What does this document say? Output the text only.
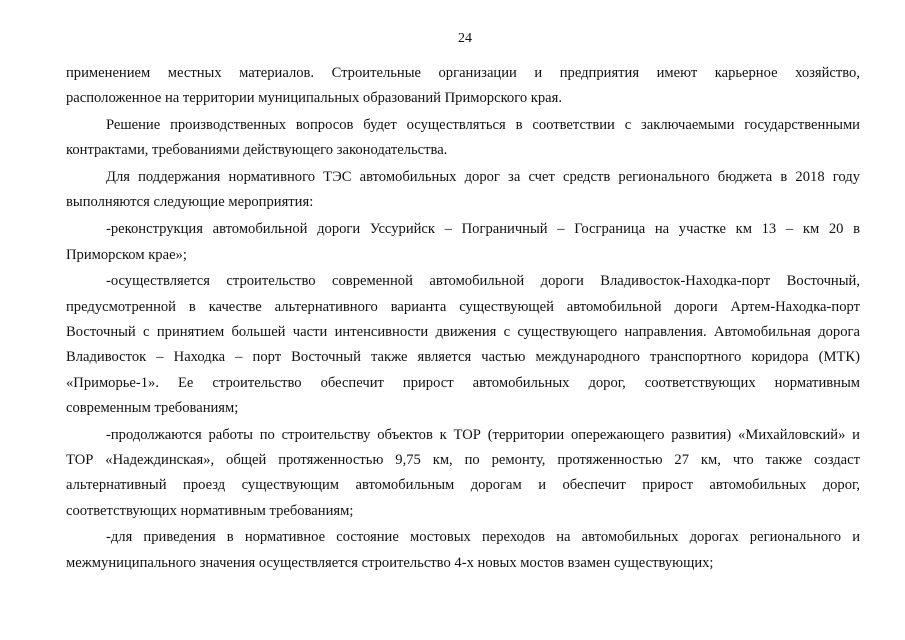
24
применением местных материалов. Строительные организации и предприятия имеют карьерное хозяйство,
расположенное на территории муниципальных образований Приморского края.
Решение производственных вопросов будет осуществляться в соответствии с заключаемыми государственными
контрактами, требованиями действующего законодательства.
Для поддержания нормативного ТЭС автомобильных дорог за счет средств регионального бюджета в 2018 году
выполняются следующие мероприятия:
-реконструкция автомобильной дороги Уссурийск – Пограничный – Госграница на участке км 13 – км 20 в
Приморском крае»;
-осуществляется строительство современной автомобильной дороги Владивосток-Находка-порт Восточный,
предусмотренной в качестве альтернативного варианта существующей автомобильной дороги Артем-Находка-порт
Восточный с принятием большей части интенсивности движения с существующего направления. Автомобильная дорога
Владивосток – Находка – порт Восточный также является частью международного транспортного коридора (МТК)
«Приморье-1». Ее строительство обеспечит прирост автомобильных дорог, соответствующих нормативным
современным требованиям;
-продолжаются работы по строительству объектов к ТОР (территории опережающего развития) «Михайловский» и
ТОР «Надеждинская», общей протяженностью 9,75 км, по ремонту, протяженностью 27 км, что также создаст
альтернативный проезд существующим автомобильным дорогам и обеспечит прирост автомобильных дорог,
соответствующих нормативным требованиям;
-для приведения в нормативное состояние мостовых переходов на автомобильных дорогах регионального и
межмуниципального значения осуществляется строительство 4-х новых мостов взамен существующих;
